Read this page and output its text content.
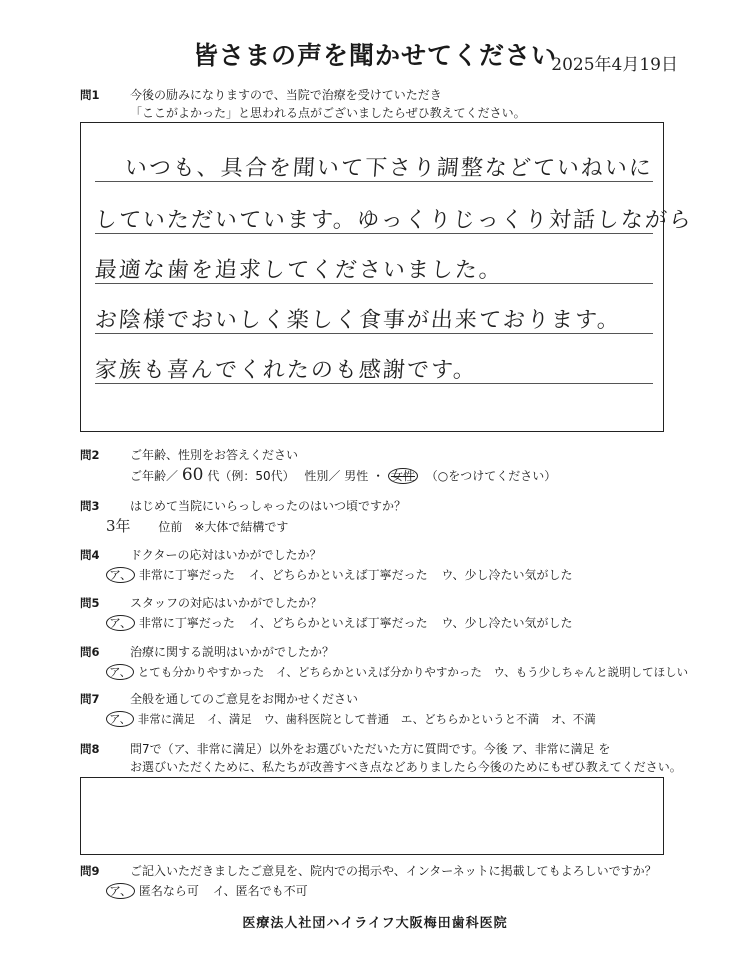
皆さまの声を聞かせてください
2025年4月19日
問1	今後の励みになりますので、当院で治療を受けていただき
「ここがよかった」と思われる点がございましたらぜひ教えてください。
いつも、具合を聞いて下さり調整などていねいに
していただいています。ゆっくりじっくり対話しながら
最適な歯を追求してくださいました。
お陰様でおいしく楽しく食事が出来ております。
家族も喜んでくれたのも感謝です。
問2	ご年齢、性別をお答えください
ご年齢／ 60 代（例：50代） 性別／ 男性 ・ 女性 （○をつけてください）
問3	はじめて当院にいらっしゃったのはいつ頃ですか？
3年 位前　※大体で結構です
問4	ドクターの応対はいかがでしたか？
ア、 非常に丁寧だった イ、どちらかといえば丁寧だった ウ、少し冷たい気がした
問5	スタッフの対応はいかがでしたか？
ア、 非常に丁寧だった イ、どちらかといえば丁寧だった ウ、少し冷たい気がした
問6	治療に関する説明はいかがでしたか？
ア、 とても分かりやすかった イ、どちらかといえば分かりやすかった ウ、もう少しちゃんと説明してほしい
問7	全般を通してのご意見をお聞かせください
ア、 非常に満足 イ、満足 ウ、歯科医院として普通 エ、どちらかというと不満 オ、不満
問8	問7で（ア、非常に満足）以外をお選びいただいた方に質問です。今後 ア、非常に満足 を
お選びいただくために、私たちが改善すべき点などありましたら今後のためにもぜひ教えてください。
問9	ご記入いただきましたご意見を、院内での掲示や、インターネットに掲載してもよろしいですか？
ア、 匿名なら可 イ、匿名でも不可
医療法人社団ハイライフ大阪梅田歯科医院
